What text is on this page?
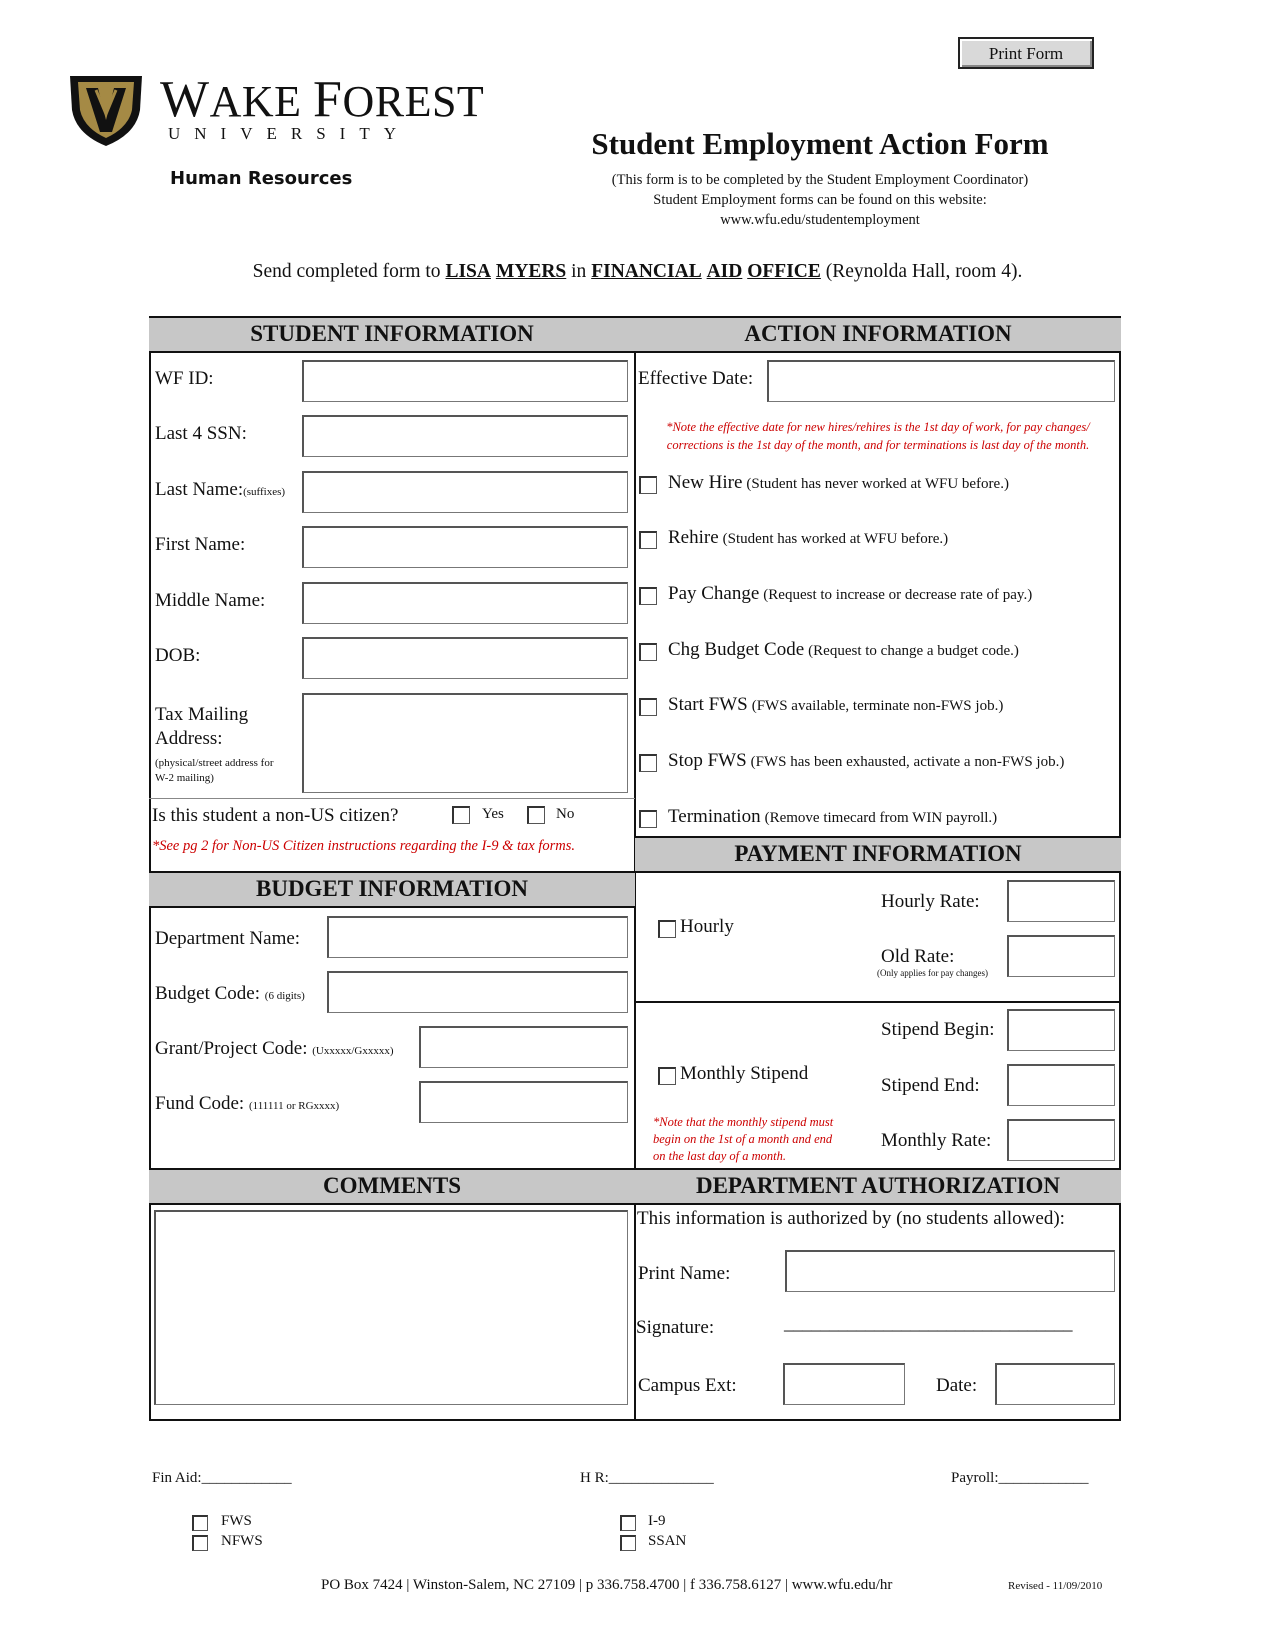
Print Form
WAKE FOREST
UNIVERSITY
Human Resources
Student Employment Action Form
(This form is to be completed by the Student Employment Coordinator)
Student Employment forms can be found on this website:
www.wfu.edu/studentemployment
Send completed form to LISA MYERS in FINANCIAL AID OFFICE (Reynolda Hall, room 4).
STUDENT INFORMATION
WF ID:
Last 4 SSN:
Last Name:(suffixes)
First Name:
Middle Name:
DOB:
Tax Mailing
Address:
(physical/street address for
W-2 mailing)
Is this student a non-US citizen?	Yes	No
*See pg 2 for Non-US Citizen instructions regarding the I-9 & tax forms.
BUDGET INFORMATION
Department Name:
Budget Code: (6 digits)
Grant/Project Code: (Uxxxxx/Gxxxxx)
Fund Code: (111111 or RGxxxx)
COMMENTS
ACTION INFORMATION
Effective Date:
*Note the effective date for new hires/rehires is the 1st day of work, for pay changes/
corrections is the 1st day of the month, and for terminations is last day of the month.
New Hire (Student has never worked at WFU before.)
Rehire (Student has worked at WFU before.)
Pay Change (Request to increase or decrease rate of pay.)
Chg Budget Code (Request to change a budget code.)
Start FWS (FWS available, terminate non-FWS job.)
Stop FWS (FWS has been exhausted, activate a non-FWS job.)
Termination (Remove timecard from WIN payroll.)
PAYMENT INFORMATION
Hourly
Hourly Rate:
Old Rate:
(Only applies for pay changes)
Monthly Stipend
*Note that the monthly stipend must
begin on the 1st of a month and end
on the last day of a month.
Stipend Begin:
Stipend End:
Monthly Rate:
DEPARTMENT AUTHORIZATION
This information is authorized by (no students allowed):
Print Name:
Signature:	________________________________
Campus Ext:	Date:
Fin Aid:____________	H R:______________	Payroll:____________
FWS
NFWS
I-9
SSAN
PO Box 7424 | Winston-Salem, NC 27109 | p 336.758.4700 | f 336.758.6127 | www.wfu.edu/hr	Revised - 11/09/2010
